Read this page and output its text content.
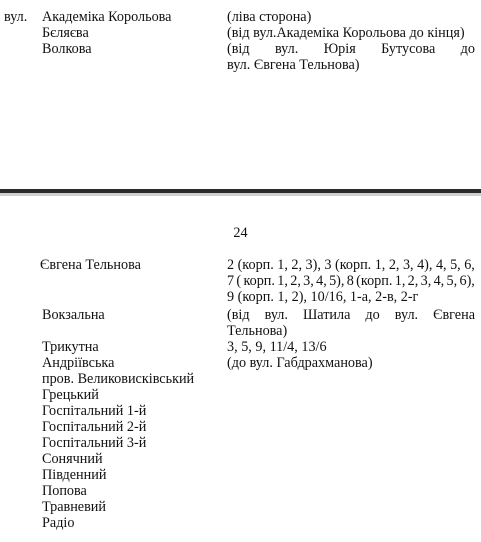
вул. Академіка Корольова	(ліва сторона)
Бєляєва	(від вул.Академіка Корольова до кінця)
Волкова	(від вул. Юрія Бутусова до
вул. Євгена Тельнова)
24
Євгена Тельнова	2 (корп. 1, 2, 3), 3 (корп. 1, 2, 3, 4), 4, 5, 6,
7 ( корп. 1, 2, 3, 4, 5), 8 (корп. 1, 2, 3, 4, 5, 6),
9 (корп. 1, 2), 10/16, 1-а, 2-в, 2-г
Вокзальна	(від вул. Шатила до вул. Євгена
Тельнова)
Трикутна	3, 5, 9, 11/4, 13/6
Андріївська	(до вул. Габдрахманова)
пров. Великовисківський
Грецький
Госпітальний 1-й
Госпітальний 2-й
Госпітальний 3-й
Сонячний
Південний
Попова
Травневий
Радіо
